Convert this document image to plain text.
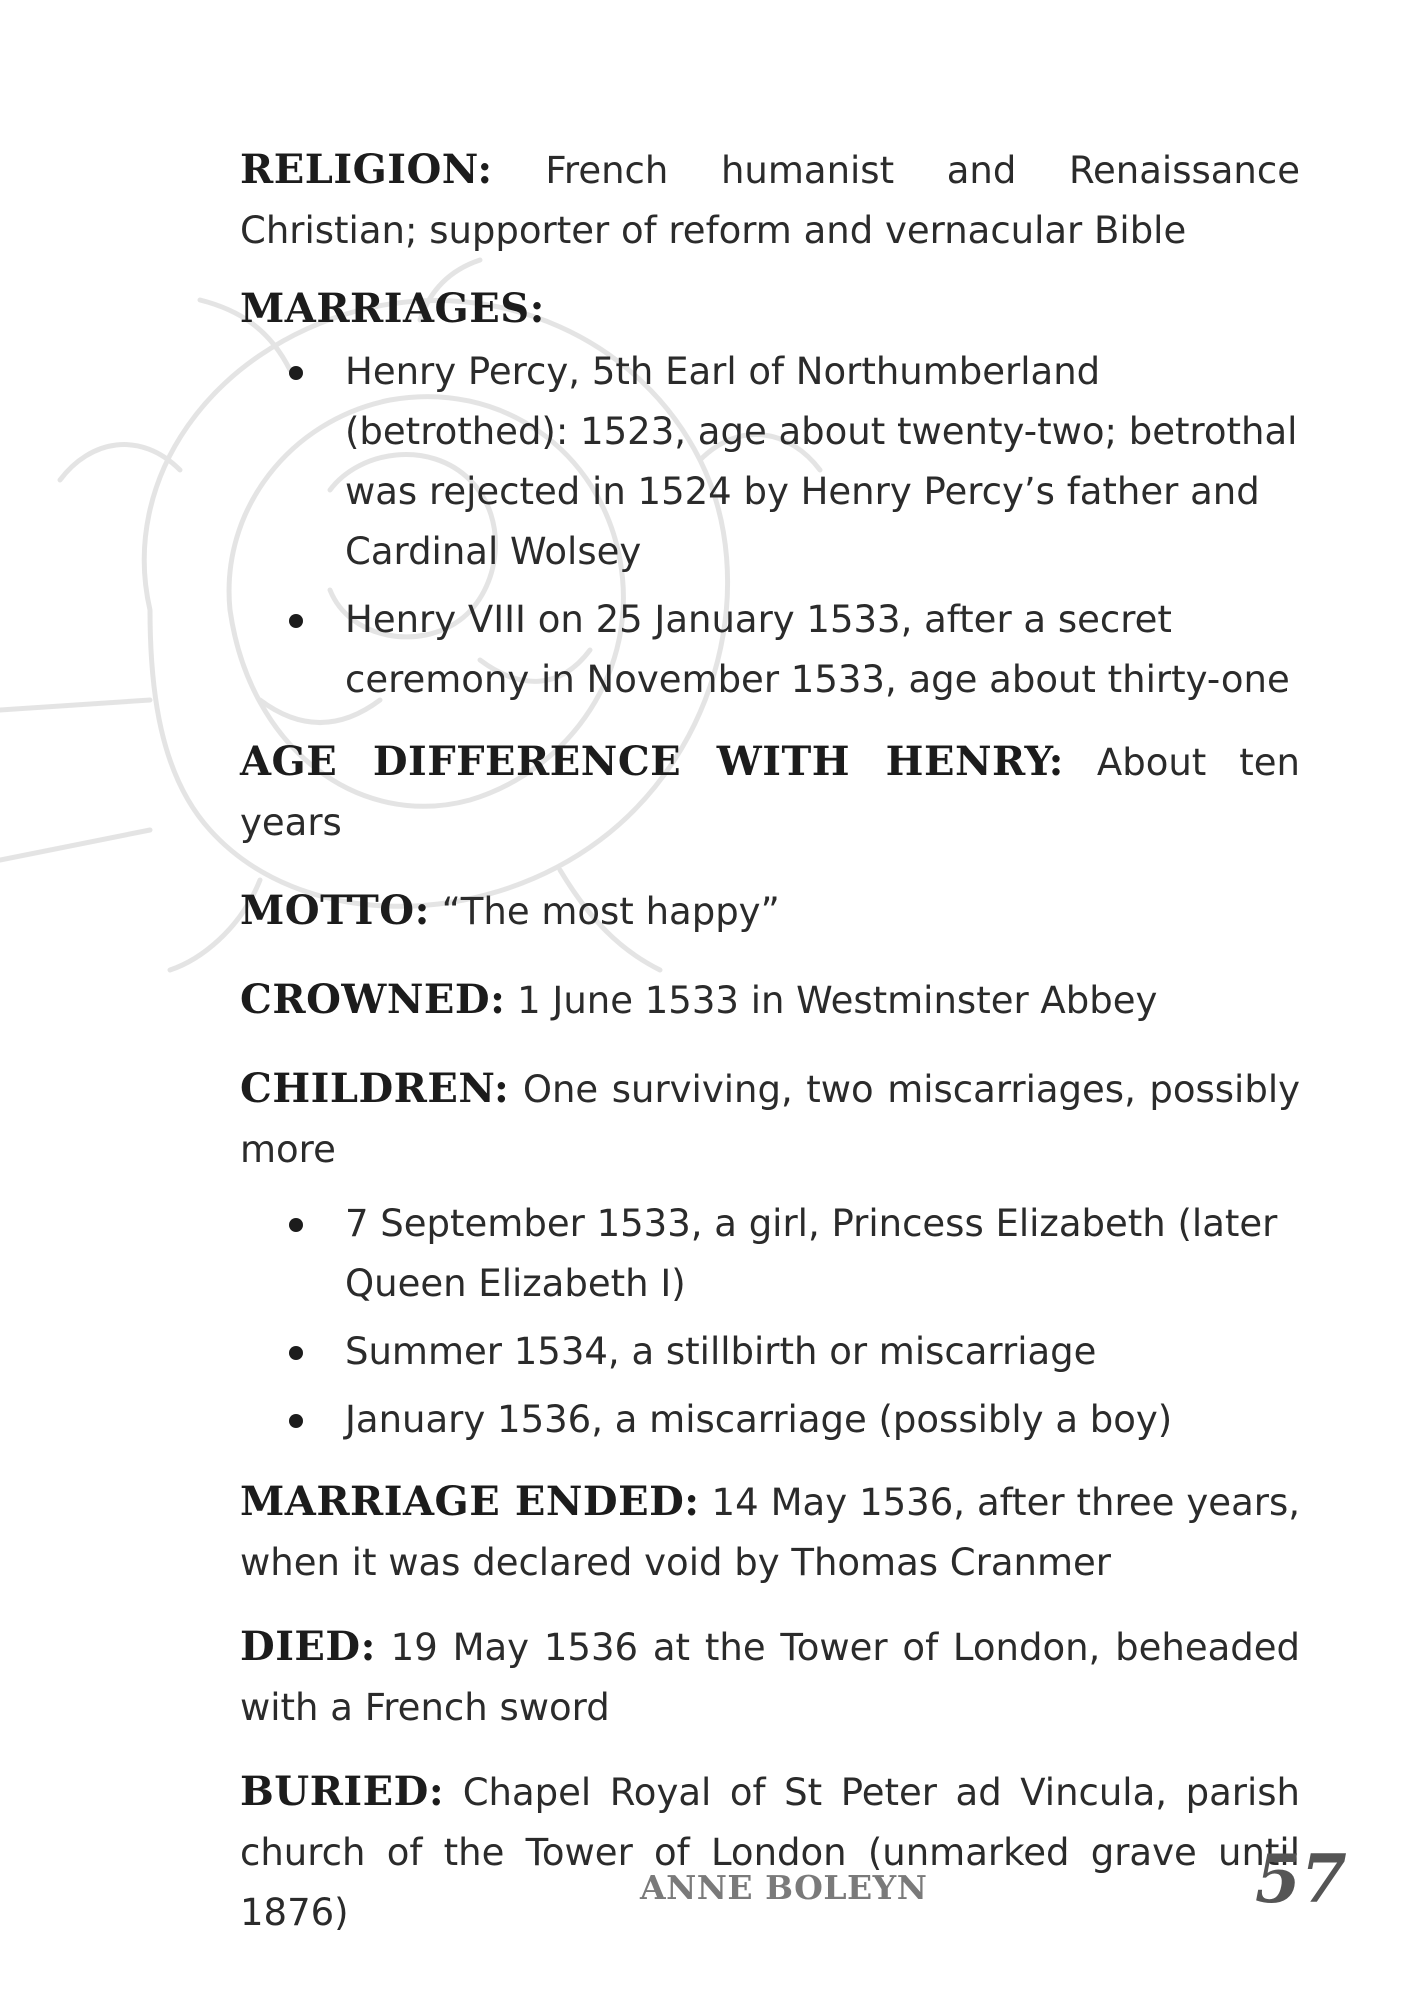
RELIGION: French humanist and Renaissance Christian; supporter of reform and vernacular Bible

MARRIAGES:
Henry Percy, 5th Earl of Northumberland (betrothed): 1523, age about twenty-two; betrothal was rejected in 1524 by Henry Percy’s father and Cardinal Wolsey
Henry VIII on 25 January 1533, after a secret ceremony in November 1533, age about thirty-one

AGE DIFFERENCE WITH HENRY: About ten years

MOTTO: “The most happy”

CROWNED: 1 June 1533 in Westminster Abbey

CHILDREN: One surviving, two miscarriages, possibly more

7 September 1533, a girl, Princess Elizabeth (later Queen Elizabeth I)
Summer 1534, a stillbirth or miscarriage
January 1536, a miscarriage (possibly a boy)

MARRIAGE ENDED: 14 May 1536, after three years, when it was declared void by Thomas Cranmer

DIED: 19 May 1536 at the Tower of London, beheaded with a French sword

BURIED: Chapel Royal of St Peter ad Vincula, parish church of the Tower of London (unmarked grave until 1876)

ANNE BOLEYN	57
